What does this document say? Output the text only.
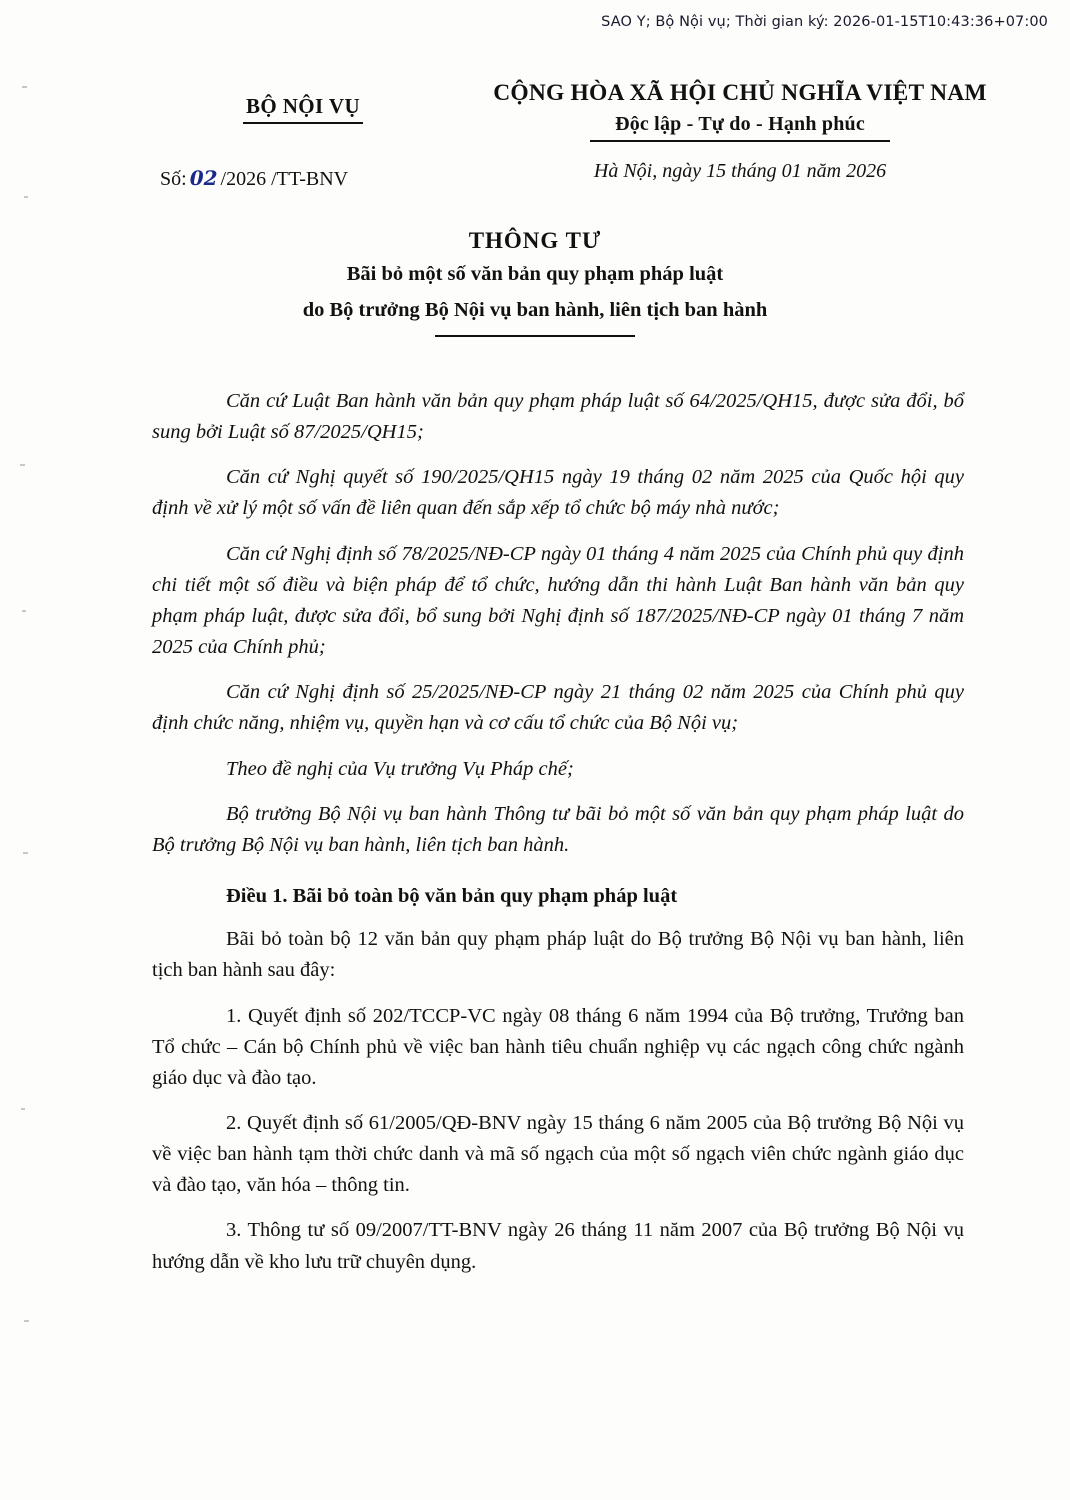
SAO Y; Bộ Nội vụ; Thời gian ký: 2026-01-15T10:43:36+07:00
BỘ NỘI VỤ
Số: 02 /2026 /TT-BNV
CỘNG HÒA XÃ HỘI CHỦ NGHĨA VIỆT NAM
Độc lập - Tự do - Hạnh phúc
Hà Nội, ngày 15 tháng 01 năm 2026
THÔNG TƯ
Bãi bỏ một số văn bản quy phạm pháp luật
do Bộ trưởng Bộ Nội vụ ban hành, liên tịch ban hành

Căn cứ Luật Ban hành văn bản quy phạm pháp luật số 64/2025/QH15, được sửa đổi, bổ sung bởi Luật số 87/2025/QH15;

Căn cứ Nghị quyết số 190/2025/QH15 ngày 19 tháng 02 năm 2025 của Quốc hội quy định về xử lý một số vấn đề liên quan đến sắp xếp tổ chức bộ máy nhà nước;

Căn cứ Nghị định số 78/2025/NĐ-CP ngày 01 tháng 4 năm 2025 của Chính phủ quy định chi tiết một số điều và biện pháp để tổ chức, hướng dẫn thi hành Luật Ban hành văn bản quy phạm pháp luật, được sửa đổi, bổ sung bởi Nghị định số 187/2025/NĐ-CP ngày 01 tháng 7 năm 2025 của Chính phủ;

Căn cứ Nghị định số 25/2025/NĐ-CP ngày 21 tháng 02 năm 2025 của Chính phủ quy định chức năng, nhiệm vụ, quyền hạn và cơ cấu tổ chức của Bộ Nội vụ;

Theo đề nghị của Vụ trưởng Vụ Pháp chế;

Bộ trưởng Bộ Nội vụ ban hành Thông tư bãi bỏ một số văn bản quy phạm pháp luật do Bộ trưởng Bộ Nội vụ ban hành, liên tịch ban hành.

Điều 1. Bãi bỏ toàn bộ văn bản quy phạm pháp luật

Bãi bỏ toàn bộ 12 văn bản quy phạm pháp luật do Bộ trưởng Bộ Nội vụ ban hành, liên tịch ban hành sau đây:

1. Quyết định số 202/TCCP-VC ngày 08 tháng 6 năm 1994 của Bộ trưởng, Trưởng ban Tổ chức – Cán bộ Chính phủ về việc ban hành tiêu chuẩn nghiệp vụ các ngạch công chức ngành giáo dục và đào tạo.

2. Quyết định số 61/2005/QĐ-BNV ngày 15 tháng 6 năm 2005 của Bộ trưởng Bộ Nội vụ về việc ban hành tạm thời chức danh và mã số ngạch của một số ngạch viên chức ngành giáo dục và đào tạo, văn hóa – thông tin.

3. Thông tư số 09/2007/TT-BNV ngày 26 tháng 11 năm 2007 của Bộ trưởng Bộ Nội vụ hướng dẫn về kho lưu trữ chuyên dụng.
